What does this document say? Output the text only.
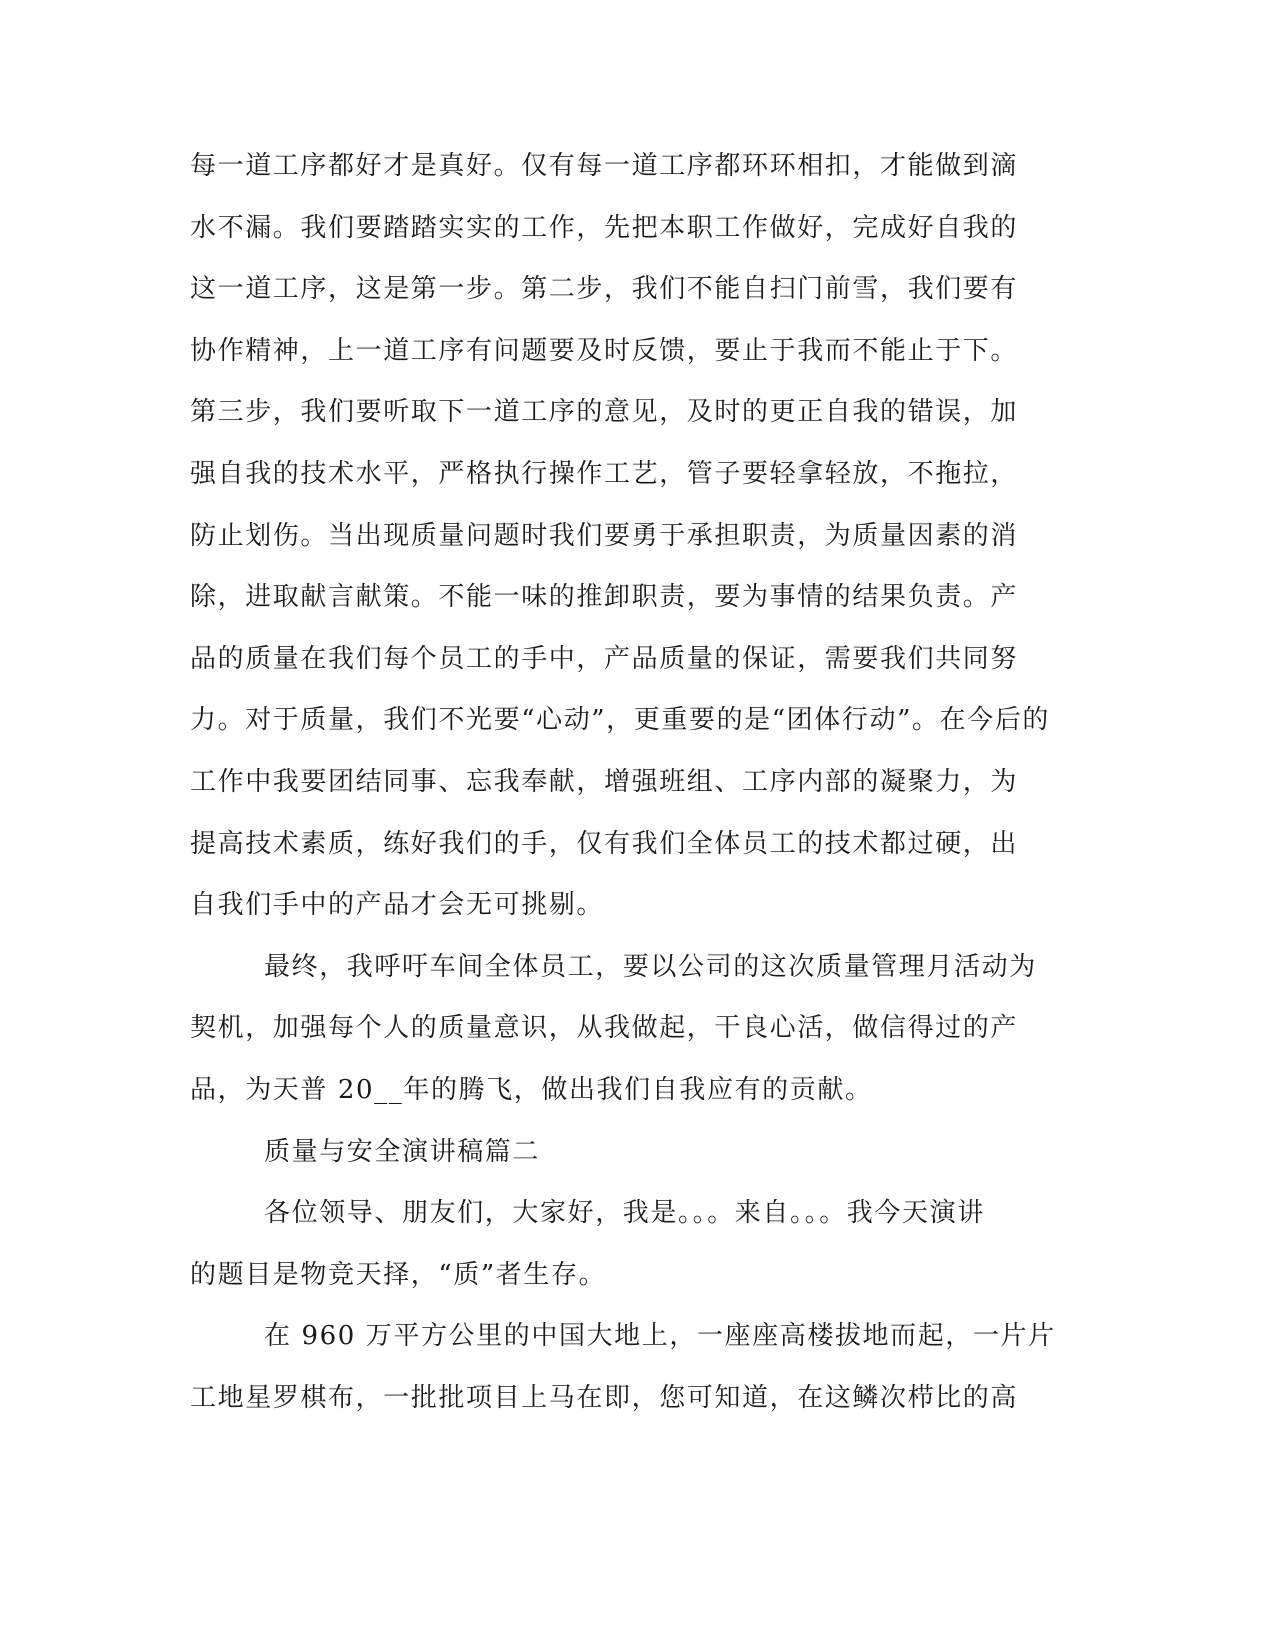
每一道工序都好才是真好。仅有每一道工序都环环相扣，才能做到滴
水不漏。我们要踏踏实实的工作，先把本职工作做好，完成好自我的
这一道工序，这是第一步。第二步，我们不能自扫门前雪，我们要有
协作精神，上一道工序有问题要及时反馈，要止于我而不能止于下。
第三步，我们要听取下一道工序的意见，及时的更正自我的错误，加
强自我的技术水平，严格执行操作工艺，管子要轻拿轻放，不拖拉，
防止划伤。当出现质量问题时我们要勇于承担职责，为质量因素的消
除，进取献言献策。不能一味的推卸职责，要为事情的结果负责。产
品的质量在我们每个员工的手中，产品质量的保证，需要我们共同努
力。对于质量，我们不光要“心动”，更重要的是“团体行动”。在今后的
工作中我要团结同事、忘我奉献，增强班组、工序内部的凝聚力，为
提高技术素质，练好我们的手，仅有我们全体员工的技术都过硬，出
自我们手中的产品才会无可挑剔。
最终，我呼吁车间全体员工，要以公司的这次质量管理月活动为
契机，加强每个人的质量意识，从我做起，干良心活，做信得过的产
品，为天普 20__年的腾飞，做出我们自我应有的贡献。
质量与安全演讲稿篇二
各位领导、朋友们，大家好，我是。。。来自。。。我今天演讲
的题目是物竞天择，“质”者生存。
在 960 万平方公里的中国大地上，一座座高楼拔地而起，一片片
工地星罗棋布，一批批项目上马在即，您可知道，在这鳞次栉比的高
